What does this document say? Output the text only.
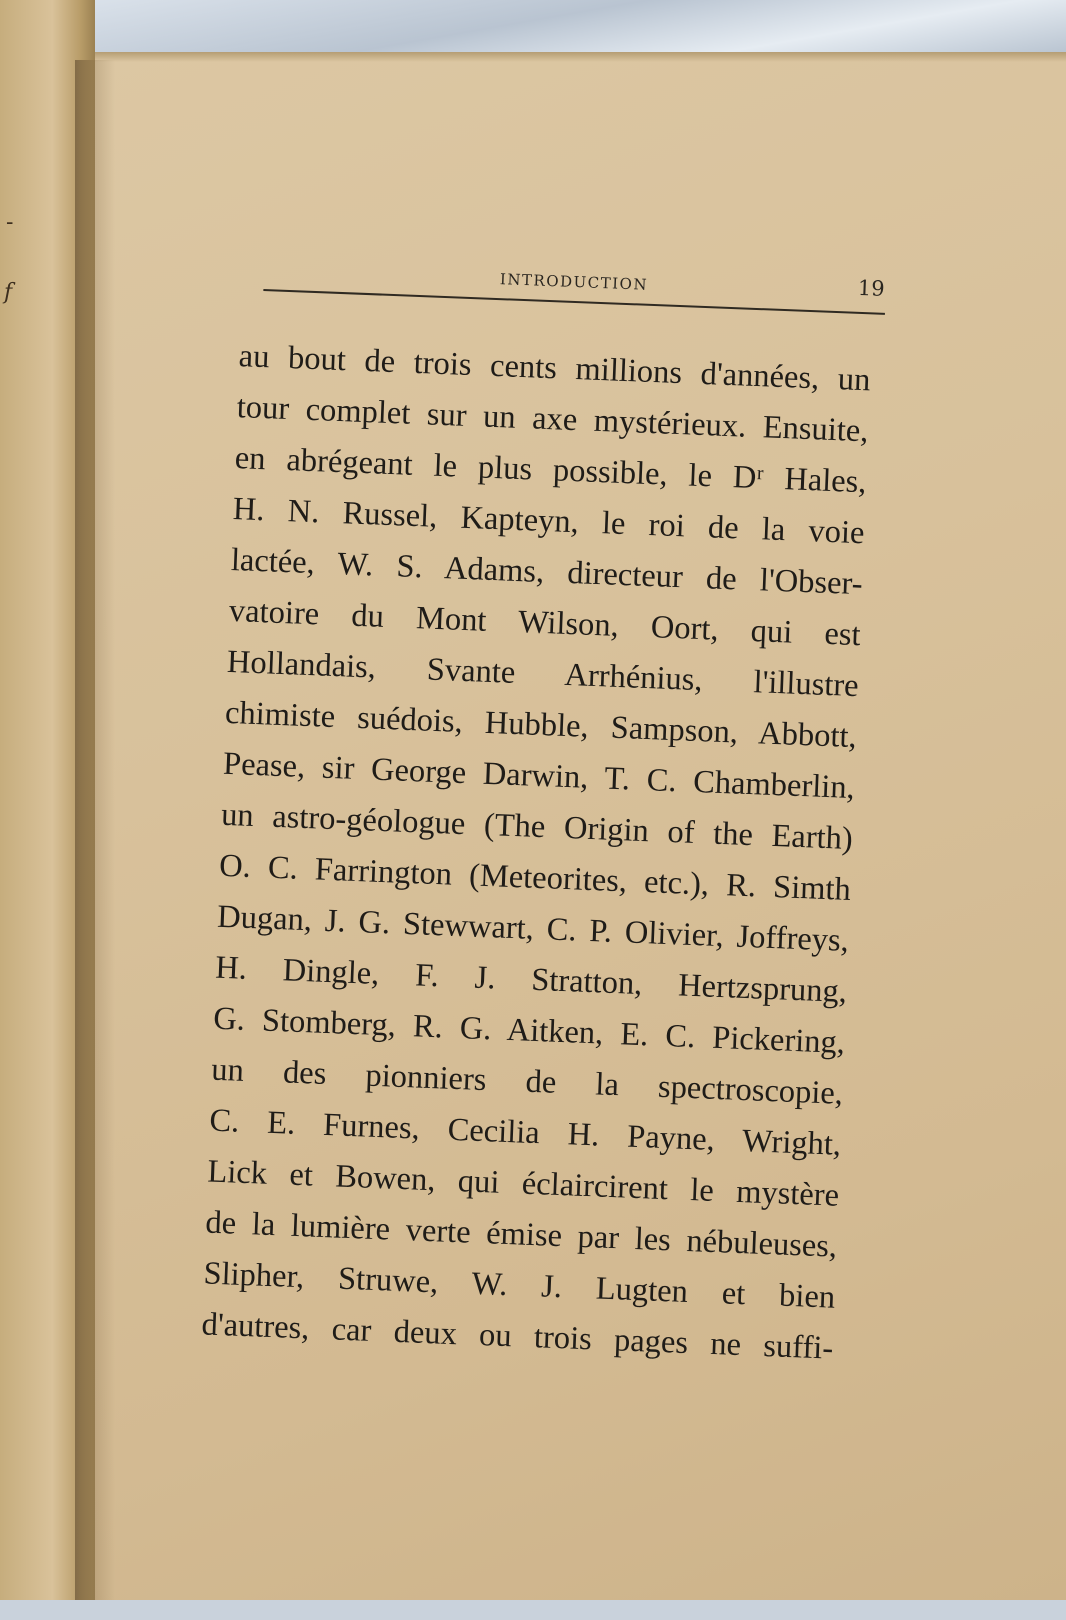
-
f	INTRODUCTION	19
au bout de trois cents millions d'années, un
tour complet sur un axe mystérieux. Ensuite,
en abrégeant le plus possible, le Dʳ Hales,
H. N. Russel, Kapteyn, le roi de la voie
lactée, W. S. Adams, directeur de l'Obser-
vatoire du Mont Wilson, Oort, qui est
Hollandais, Svante Arrhénius, l'illustre
chimiste suédois, Hubble, Sampson, Abbott,
Pease, sir George Darwin, T. C. Chamberlin,
un astro-géologue (The Origin of the Earth)
O. C. Farrington (Meteorites, etc.), R. Simth
Dugan, J. G. Stewwart, C. P. Olivier, Joffreys,
H. Dingle, F. J. Stratton, Hertzsprung,
G. Stomberg, R. G. Aitken, E. C. Pickering,
un des pionniers de la spectroscopie,
C. E. Furnes, Cecilia H. Payne, Wright,
Lick et Bowen, qui éclaircirent le mystère
de la lumière verte émise par les nébuleuses,
Slipher, Struwe, W. J. Lugten et bien
d'autres, car deux ou trois pages ne suffi-
